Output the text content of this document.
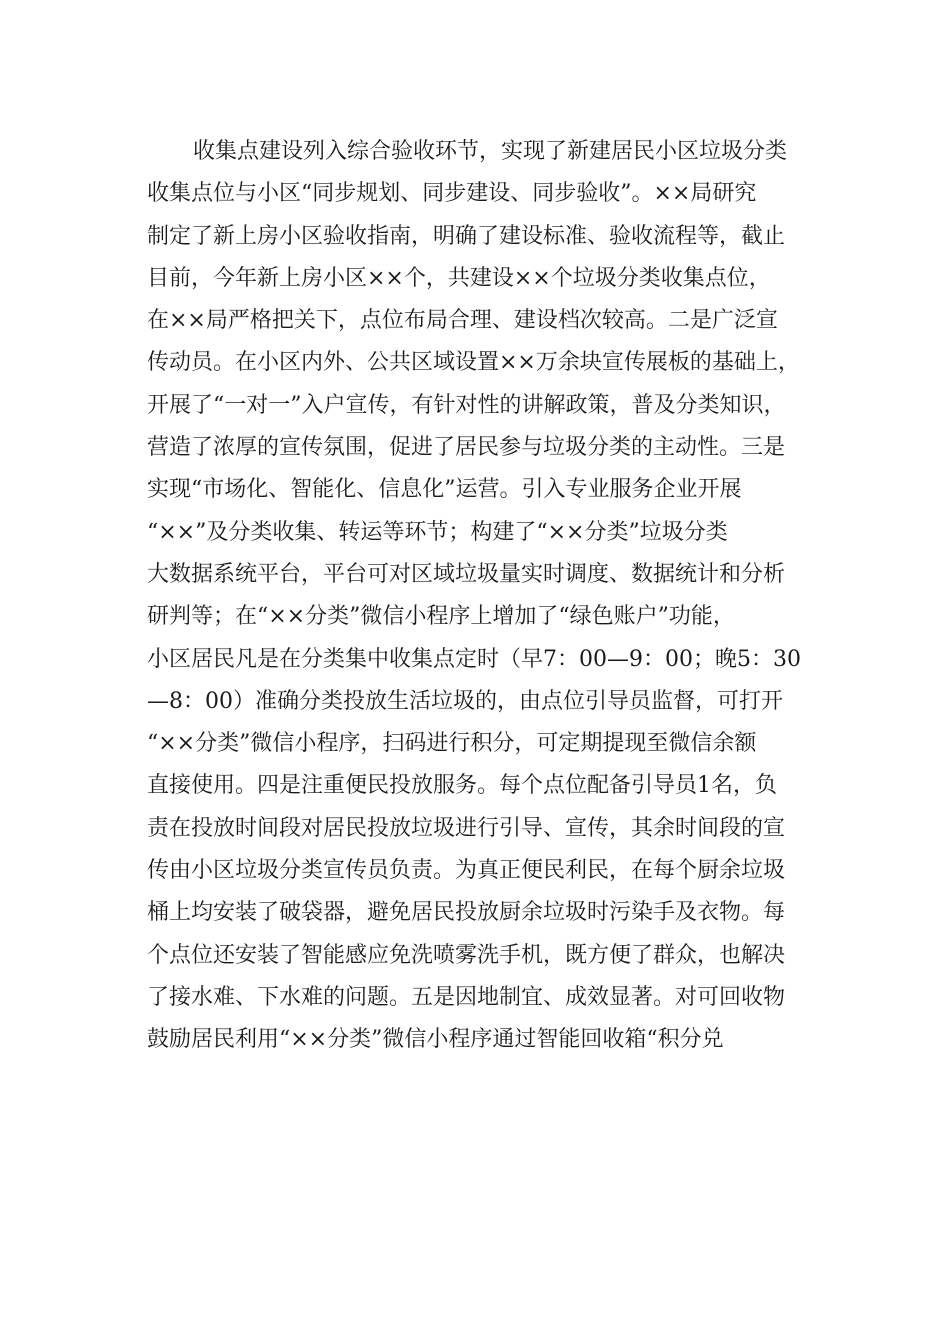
收集点建设列入综合验收环节，实现了新建居民小区垃圾分类
收集点位与小区“同步规划、同步建设、同步验收”。××局研究
制定了新上房小区验收指南，明确了建设标准、验收流程等，截止
目前，今年新上房小区××个，共建设××个垃圾分类收集点位，
在××局严格把关下，点位布局合理、建设档次较高。二是广泛宣
传动员。在小区内外、公共区域设置××万余块宣传展板的基础上，
开展了“一对一”入户宣传，有针对性的讲解政策，普及分类知识，
营造了浓厚的宣传氛围，促进了居民参与垃圾分类的主动性。三是
实现“市场化、智能化、信息化”运营。引入专业服务企业开展
“××”及分类收集、转运等环节；构建了“××分类”垃圾分类
大数据系统平台，平台可对区域垃圾量实时调度、数据统计和分析
研判等；在“××分类”微信小程序上增加了“绿色账户”功能，
小区居民凡是在分类集中收集点定时（早7：00—9：00；晚5：30
—8：00）准确分类投放生活垃圾的，由点位引导员监督，可打开
“××分类”微信小程序，扫码进行积分，可定期提现至微信余额
直接使用。四是注重便民投放服务。每个点位配备引导员1名，负
责在投放时间段对居民投放垃圾进行引导、宣传，其余时间段的宣
传由小区垃圾分类宣传员负责。为真正便民利民，在每个厨余垃圾
桶上均安装了破袋器，避免居民投放厨余垃圾时污染手及衣物。每
个点位还安装了智能感应免洗喷雾洗手机，既方便了群众，也解决
了接水难、下水难的问题。五是因地制宜、成效显著。对可回收物
鼓励居民利用“××分类”微信小程序通过智能回收箱“积分兑
